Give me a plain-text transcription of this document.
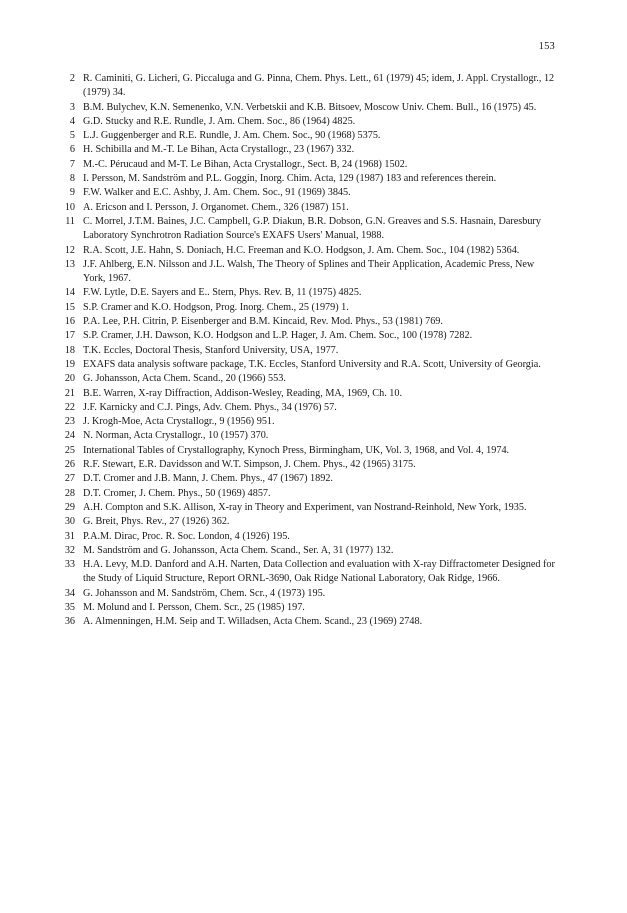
153
2 R. Caminiti, G. Licheri, G. Piccaluga and G. Pinna, Chem. Phys. Lett., 61 (1979) 45; idem, J. Appl. Crystallogr., 12 (1979) 34.
3 B.M. Bulychev, K.N. Semenenko, V.N. Verbetskii and K.B. Bitsoev, Moscow Univ. Chem. Bull., 16 (1975) 45.
4 G.D. Stucky and R.E. Rundle, J. Am. Chem. Soc., 86 (1964) 4825.
5 L.J. Guggenberger and R.E. Rundle, J. Am. Chem. Soc., 90 (1968) 5375.
6 H. Schibilla and M.-T. Le Bihan, Acta Crystallogr., 23 (1967) 332.
7 M.-C. Pérucaud and M-T. Le Bihan, Acta Crystallogr., Sect. B, 24 (1968) 1502.
8 I. Persson, M. Sandström and P.L. Goggin, Inorg. Chim. Acta, 129 (1987) 183 and references therein.
9 F.W. Walker and E.C. Ashby, J. Am. Chem. Soc., 91 (1969) 3845.
10 A. Ericson and I. Persson, J. Organomet. Chem., 326 (1987) 151.
11 C. Morrel, J.T.M. Baines, J.C. Campbell, G.P. Diakun, B.R. Dobson, G.N. Greaves and S.S. Hasnain, Daresbury Laboratory Synchrotron Radiation Source's EXAFS Users' Manual, 1988.
12 R.A. Scott, J.E. Hahn, S. Doniach, H.C. Freeman and K.O. Hodgson, J. Am. Chem. Soc., 104 (1982) 5364.
13 J.F. Ahlberg, E.N. Nilsson and J.L. Walsh, The Theory of Splines and Their Application, Academic Press, New York, 1967.
14 F.W. Lytle, D.E. Sayers and E.. Stern, Phys. Rev. B, 11 (1975) 4825.
15 S.P. Cramer and K.O. Hodgson, Prog. Inorg. Chem., 25 (1979) 1.
16 P.A. Lee, P.H. Citrin, P. Eisenberger and B.M. Kincaid, Rev. Mod. Phys., 53 (1981) 769.
17 S.P. Cramer, J.H. Dawson, K.O. Hodgson and L.P. Hager, J. Am. Chem. Soc., 100 (1978) 7282.
18 T.K. Eccles, Doctoral Thesis, Stanford University, USA, 1977.
19 EXAFS data analysis software package, T.K. Eccles, Stanford University and R.A. Scott, University of Georgia.
20 G. Johansson, Acta Chem. Scand., 20 (1966) 553.
21 B.E. Warren, X-ray Diffraction, Addison-Wesley, Reading, MA, 1969, Ch. 10.
22 J.F. Karnicky and C.J. Pings, Adv. Chem. Phys., 34 (1976) 57.
23 J. Krogh-Moe, Acta Crystallogr., 9 (1956) 951.
24 N. Norman, Acta Crystallogr., 10 (1957) 370.
25 International Tables of Crystallography, Kynoch Press, Birmingham, UK, Vol. 3, 1968, and Vol. 4, 1974.
26 R.F. Stewart, E.R. Davidsson and W.T. Simpson, J. Chem. Phys., 42 (1965) 3175.
27 D.T. Cromer and J.B. Mann, J. Chem. Phys., 47 (1967) 1892.
28 D.T. Cromer, J. Chem. Phys., 50 (1969) 4857.
29 A.H. Compton and S.K. Allison, X-ray in Theory and Experiment, van Nostrand-Reinhold, New York, 1935.
30 G. Breit, Phys. Rev., 27 (1926) 362.
31 P.A.M. Dirac, Proc. R. Soc. London, 4 (1926) 195.
32 M. Sandström and G. Johansson, Acta Chem. Scand., Ser. A, 31 (1977) 132.
33 H.A. Levy, M.D. Danford and A.H. Narten, Data Collection and evaluation with X-ray Diffractometer Designed for the Study of Liquid Structure, Report ORNL-3690, Oak Ridge National Laboratory, Oak Ridge, 1966.
34 G. Johansson and M. Sandström, Chem. Scr., 4 (1973) 195.
35 M. Molund and I. Persson, Chem. Scr., 25 (1985) 197.
36 A. Almenningen, H.M. Seip and T. Willadsen, Acta Chem. Scand., 23 (1969) 2748.
